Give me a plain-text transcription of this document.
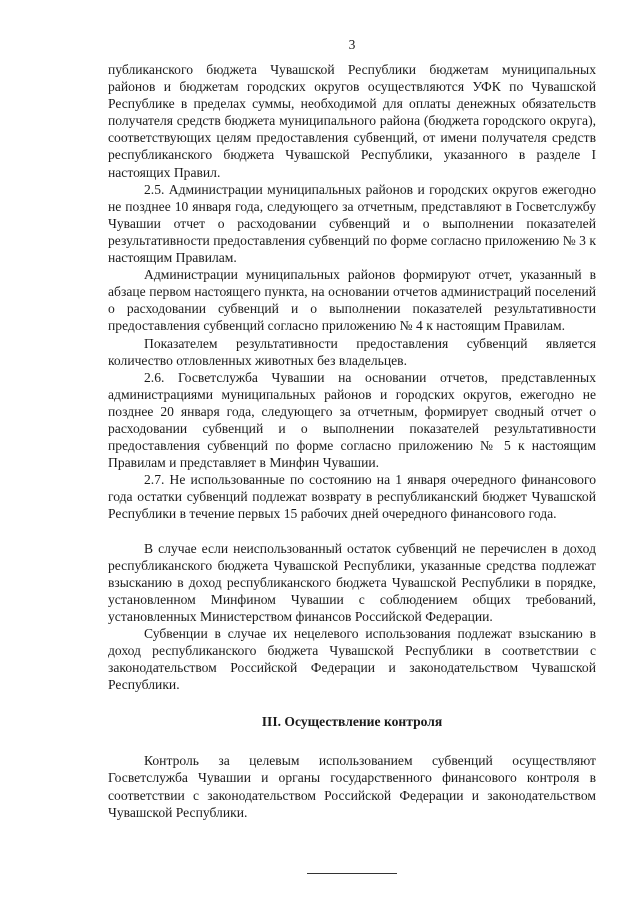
3

публиканского бюджета Чувашской Республики бюджетам муниципальных районов и бюджетам городских округов осуществляются УФК по Чувашской Республике в пределах суммы, необходимой для оплаты денежных обязательств получателя средств бюджета муниципального района (бюджета городского округа), соответствующих целям предоставления субвенций, от имени получателя средств республиканского бюджета Чувашской Республики, указанного в разделе I настоящих Правил.

2.5. Администрации муниципальных районов и городских округов ежегодно не позднее 10 января года, следующего за отчетным, представляют в Госветслужбу Чувашии отчет о расходовании субвенций и о выполнении показателей результативности предоставления субвенций по форме согласно приложению № 3 к настоящим Правилам.

Администрации муниципальных районов формируют отчет, указанный в абзаце первом настоящего пункта, на основании отчетов администраций поселений о расходовании субвенций и о выполнении показателей результативности предоставления субвенций согласно приложению № 4 к настоящим Правилам.

Показателем результативности предоставления субвенций является количество отловленных животных без владельцев.

2.6. Госветслужба Чувашии на основании отчетов, представленных администрациями муниципальных районов и городских округов, ежегодно не позднее 20 января года, следующего за отчетным, формирует сводный отчет о расходовании субвенций и о выполнении показателей результативности предоставления субвенций по форме согласно приложению № 5 к настоящим Правилам и представляет в Минфин Чувашии.

2.7. Не использованные по состоянию на 1 января очередного финансового года остатки субвенций подлежат возврату в республиканский бюджет Чувашской Республики в течение первых 15 рабочих дней очередного финансового года.

В случае если неиспользованный остаток субвенций не перечислен в доход республиканского бюджета Чувашской Республики, указанные средства подлежат взысканию в доход республиканского бюджета Чувашской Республики в порядке, установленном Минфином Чувашии с соблюдением общих требований, установленных Министерством финансов Российской Федерации.

Субвенции в случае их нецелевого использования подлежат взысканию в доход республиканского бюджета Чувашской Республики в соответствии с законодательством Российской Федерации и законодательством Чувашской Республики.

III. Осуществление контроля

Контроль за целевым использованием субвенций осуществляют Госветслужба Чувашии и органы государственного финансового контроля в соответствии с законодательством Российской Федерации и законодательством Чувашской Республики.
